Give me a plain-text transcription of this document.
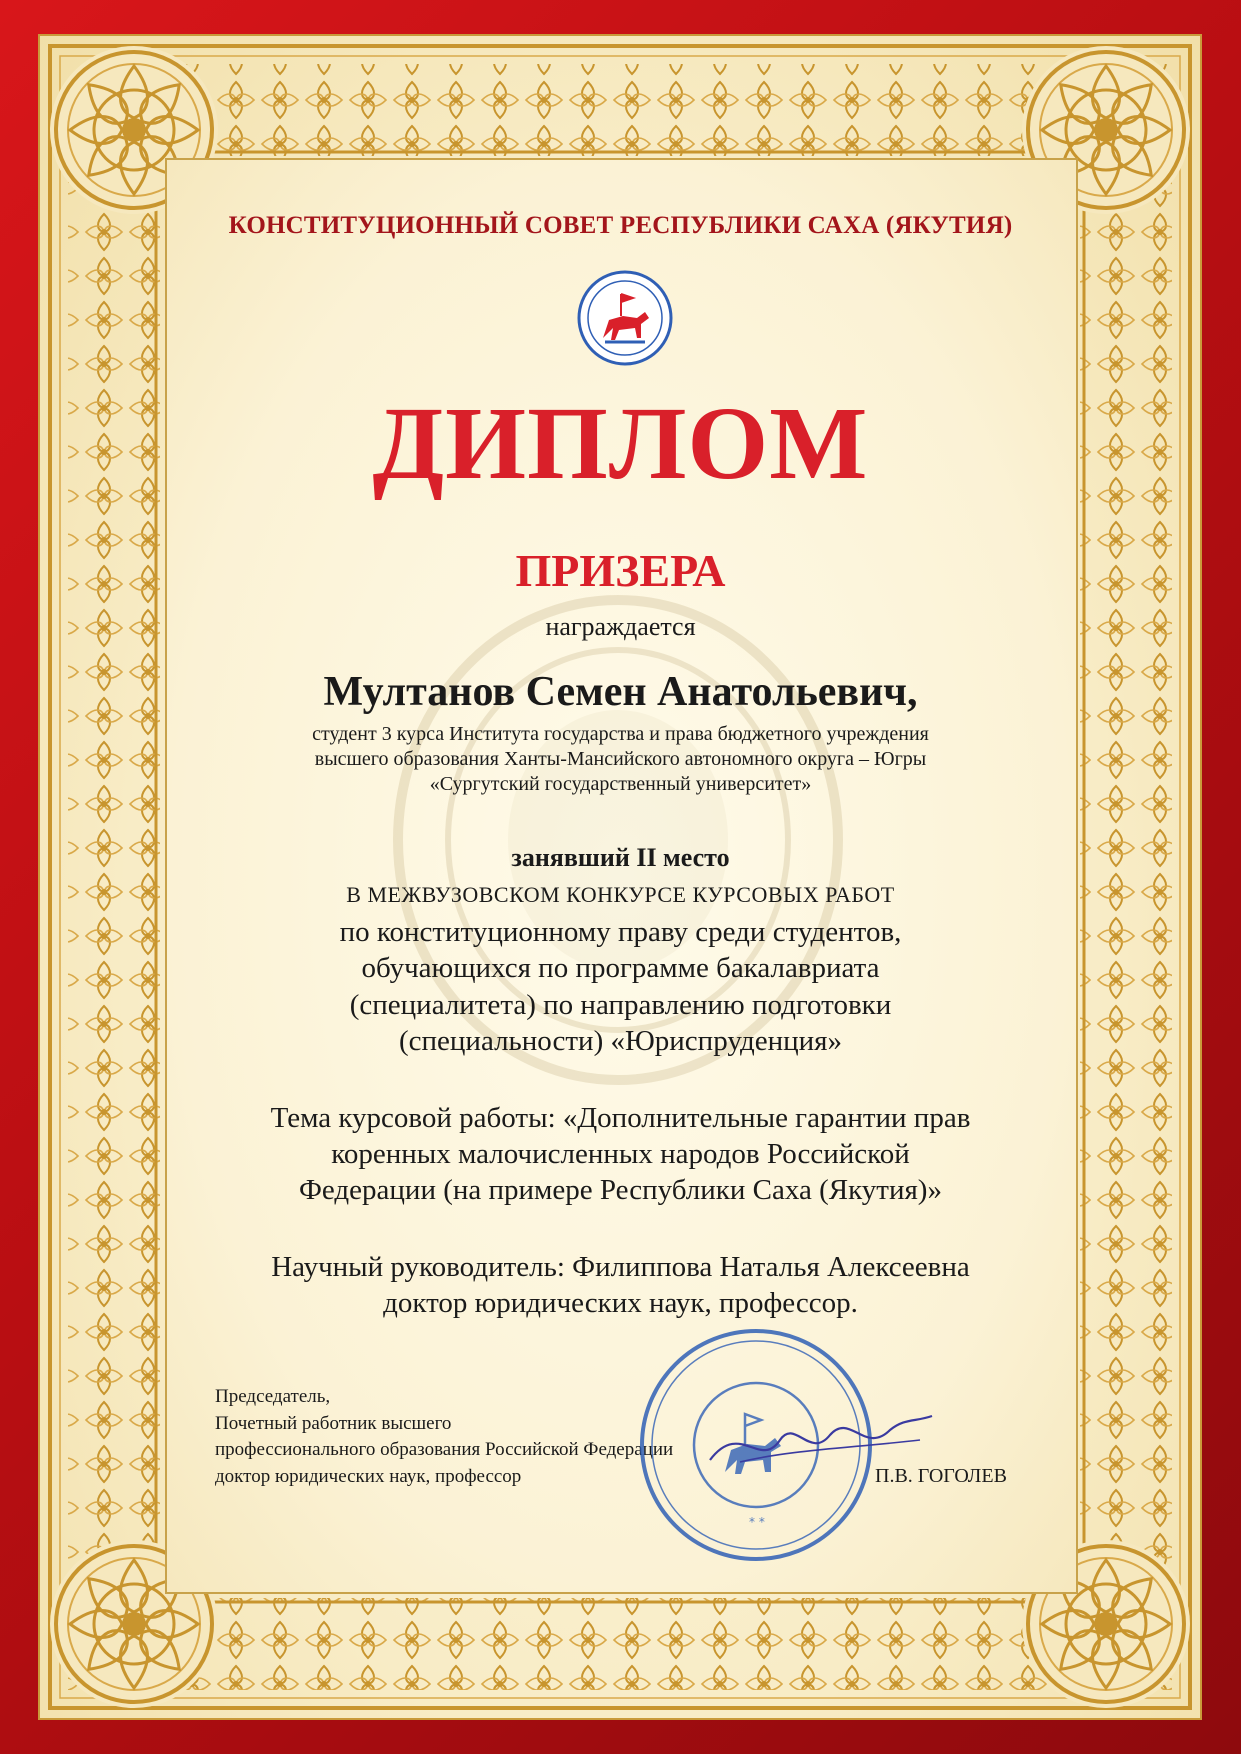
КОНСТИТУЦИОННЫЙ СОВЕТ РЕСПУБЛИКИ САХА (ЯКУТИЯ)
ДИПЛОМ
ПРИЗЕРА
награждается
Мултанов Семен Анатольевич,
студент 3 курса Института государства и права бюджетного учреждения
высшего образования Ханты-Мансийского автономного округа – Югры
«Сургутский государственный университет»
занявший II место
В МЕЖВУЗОВСКОМ КОНКУРСЕ КУРСОВЫХ РАБОТ
по конституционному праву среди студентов,
обучающихся по программе бакалавриата
(специалитета) по направлению подготовки
(специальности) «Юриспруденция»
Тема курсовой работы: «Дополнительные гарантии прав
коренных малочисленных народов Российской
Федерации (на примере Республики Саха (Якутия)»
Научный руководитель: Филиппова Наталья Алексеевна
доктор юридических наук, профессор.
Председатель,
Почетный работник высшего
профессионального образования Российской Федерации
доктор юридических наук, профессор	П.В. ГОГОЛЕВ
* *
